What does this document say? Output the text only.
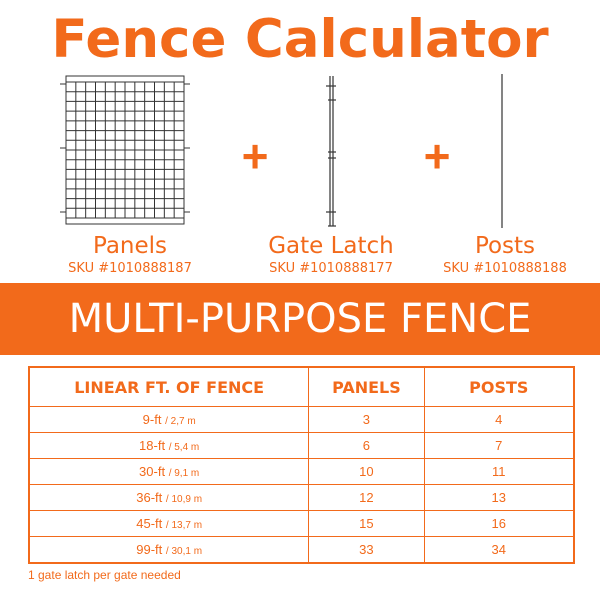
Fence Calculator
+	+
Panels
SKU #1010888187
Gate Latch
SKU #1010888177
Posts
SKU #1010888188
MULTI-PURPOSE FENCE
LINEAR FT. OF FENCE	PANELS	POSTS
9-ft / 2,7 m	3	4
18-ft / 5,4 m	6	7
30-ft / 9,1 m	10	11
36-ft / 10,9 m	12	13
45-ft / 13,7 m	15	16
99-ft / 30,1 m	33	34
1 gate latch per gate needed
